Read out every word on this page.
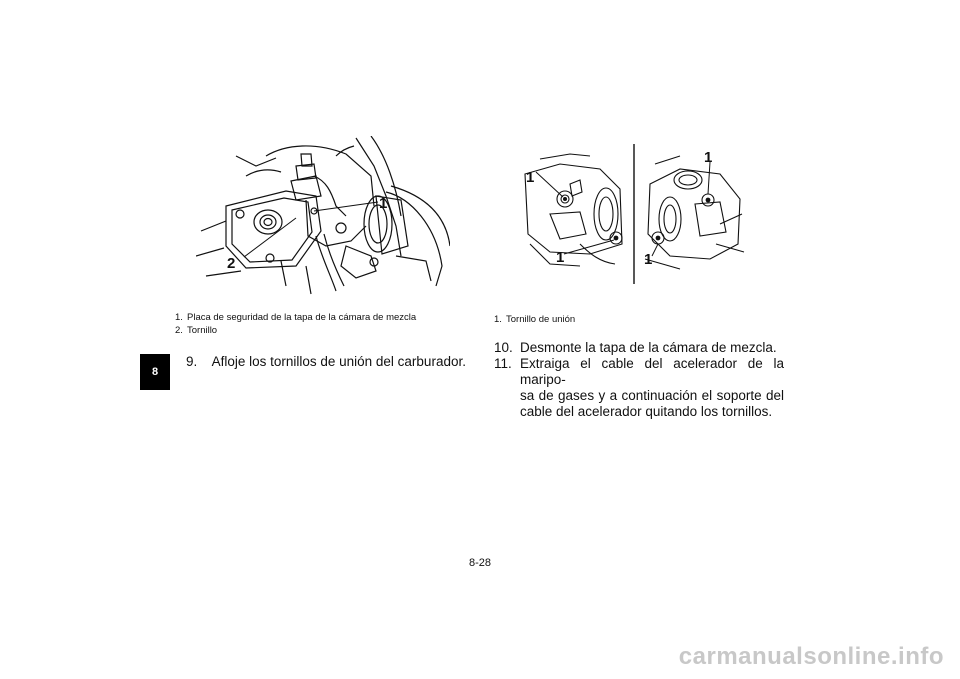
8
1
2
1
1
1
1
1. Placa de seguridad de la tapa de la cámara de mezcla
2. Tornillo
1. Tornillo de unión
9. Afloje los tornillos de unión del carburador.
10. Desmonte la tapa de la cámara de mezcla.
11. Extraiga el cable del acelerador de la maripo-
sa de gases y a continuación el soporte del
cable del acelerador quitando los tornillos.
8-28
carmanualsonline.info
